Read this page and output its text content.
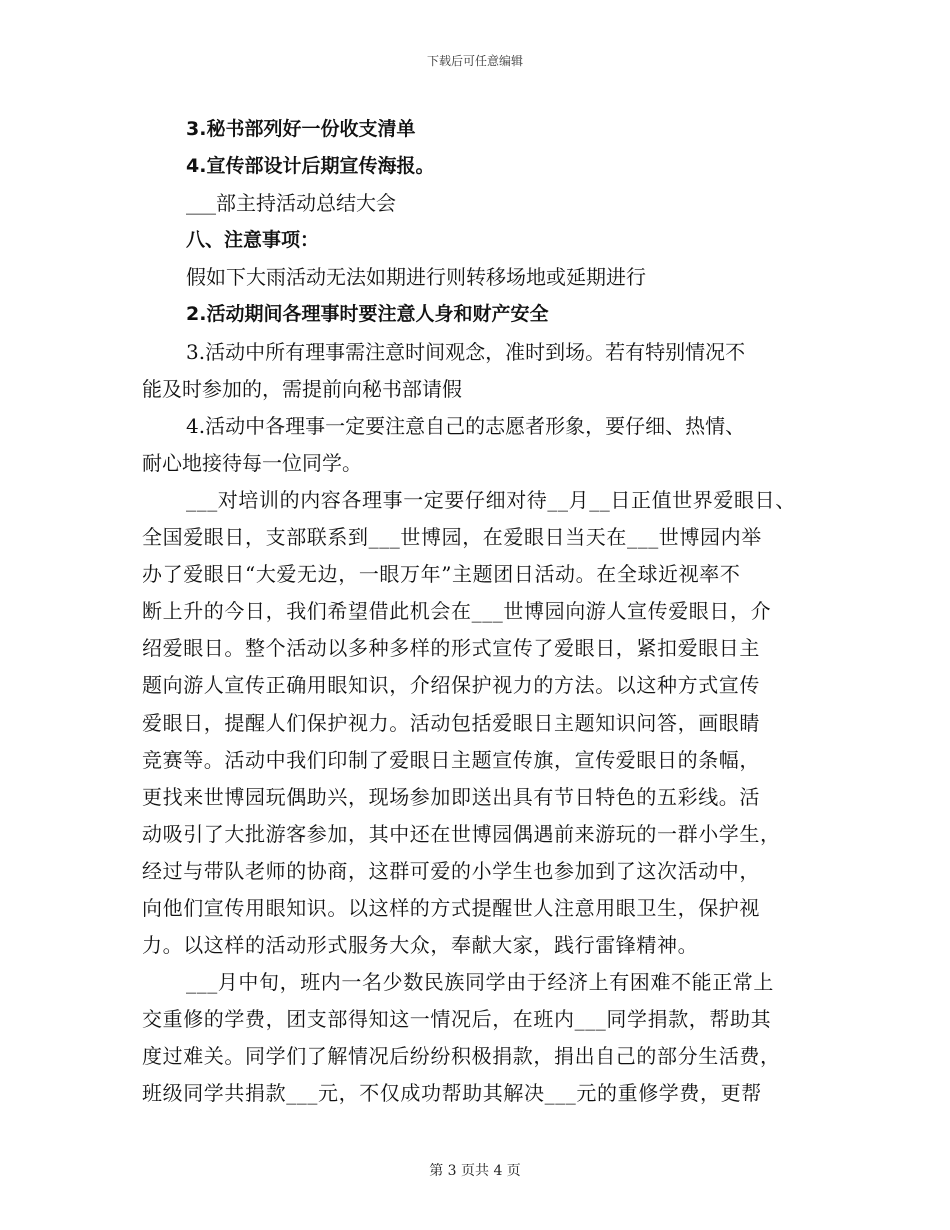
下载后可任意编辑
3.秘书部列好一份收支清单
4.宣传部设计后期宣传海报。
___部主持活动总结大会
八、注意事项：
假如下大雨活动无法如期进行则转移场地或延期进行
2.活动期间各理事时要注意人身和财产安全
3.活动中所有理事需注意时间观念，准时到场。若有特别情况不
能及时参加的，需提前向秘书部请假
4.活动中各理事一定要注意自己的志愿者形象，要仔细、热情、
耐心地接待每一位同学。
___对培训的内容各理事一定要仔细对待__月__日正值世界爱眼日、
全国爱眼日，支部联系到___世博园，在爱眼日当天在___世博园内举
办了爱眼日“大爱无边，一眼万年”主题团日活动。在全球近视率不
断上升的今日，我们希望借此机会在___世博园向游人宣传爱眼日，介
绍爱眼日。整个活动以多种多样的形式宣传了爱眼日，紧扣爱眼日主
题向游人宣传正确用眼知识，介绍保护视力的方法。以这种方式宣传
爱眼日，提醒人们保护视力。活动包括爱眼日主题知识问答，画眼睛
竞赛等。活动中我们印制了爱眼日主题宣传旗，宣传爱眼日的条幅，
更找来世博园玩偶助兴，现场参加即送出具有节日特色的五彩线。活
动吸引了大批游客参加，其中还在世博园偶遇前来游玩的一群小学生，
经过与带队老师的协商，这群可爱的小学生也参加到了这次活动中，
向他们宣传用眼知识。以这样的方式提醒世人注意用眼卫生，保护视
力。以这样的活动形式服务大众，奉献大家，践行雷锋精神。
___月中旬，班内一名少数民族同学由于经济上有困难不能正常上
交重修的学费，团支部得知这一情况后，在班内___同学捐款，帮助其
度过难关。同学们了解情况后纷纷积极捐款，捐出自己的部分生活费，
班级同学共捐款___元，不仅成功帮助其解决___元的重修学费，更帮
第 3 页共 4 页
